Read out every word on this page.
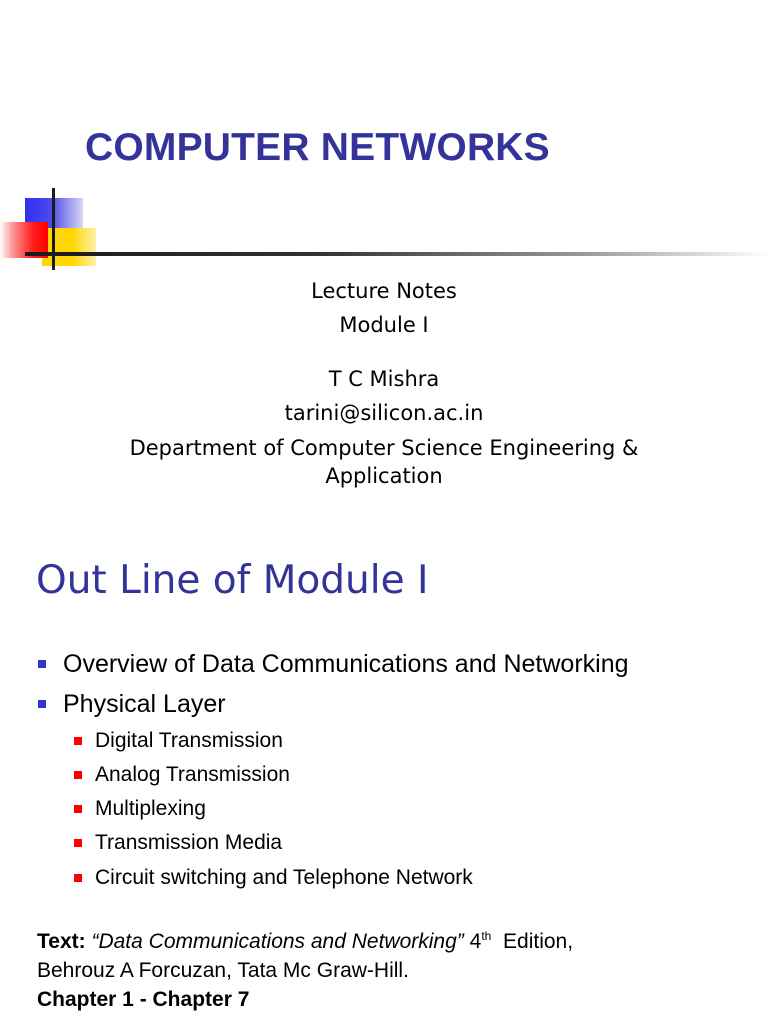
COMPUTER NETWORKS
Lecture Notes
Module I
T C Mishra
tarini@silicon.ac.in
Department of Computer Science Engineering &
Application
Out Line of Module I
Overview of Data Communications and Networking
Physical Layer
Digital Transmission
Analog Transmission
Multiplexing
Transmission Media
Circuit switching and Telephone Network
Text: “Data Communications and Networking” 4th Edition,
Behrouz A Forcuzan, Tata Mc Graw-Hill.
Chapter 1 - Chapter 7
